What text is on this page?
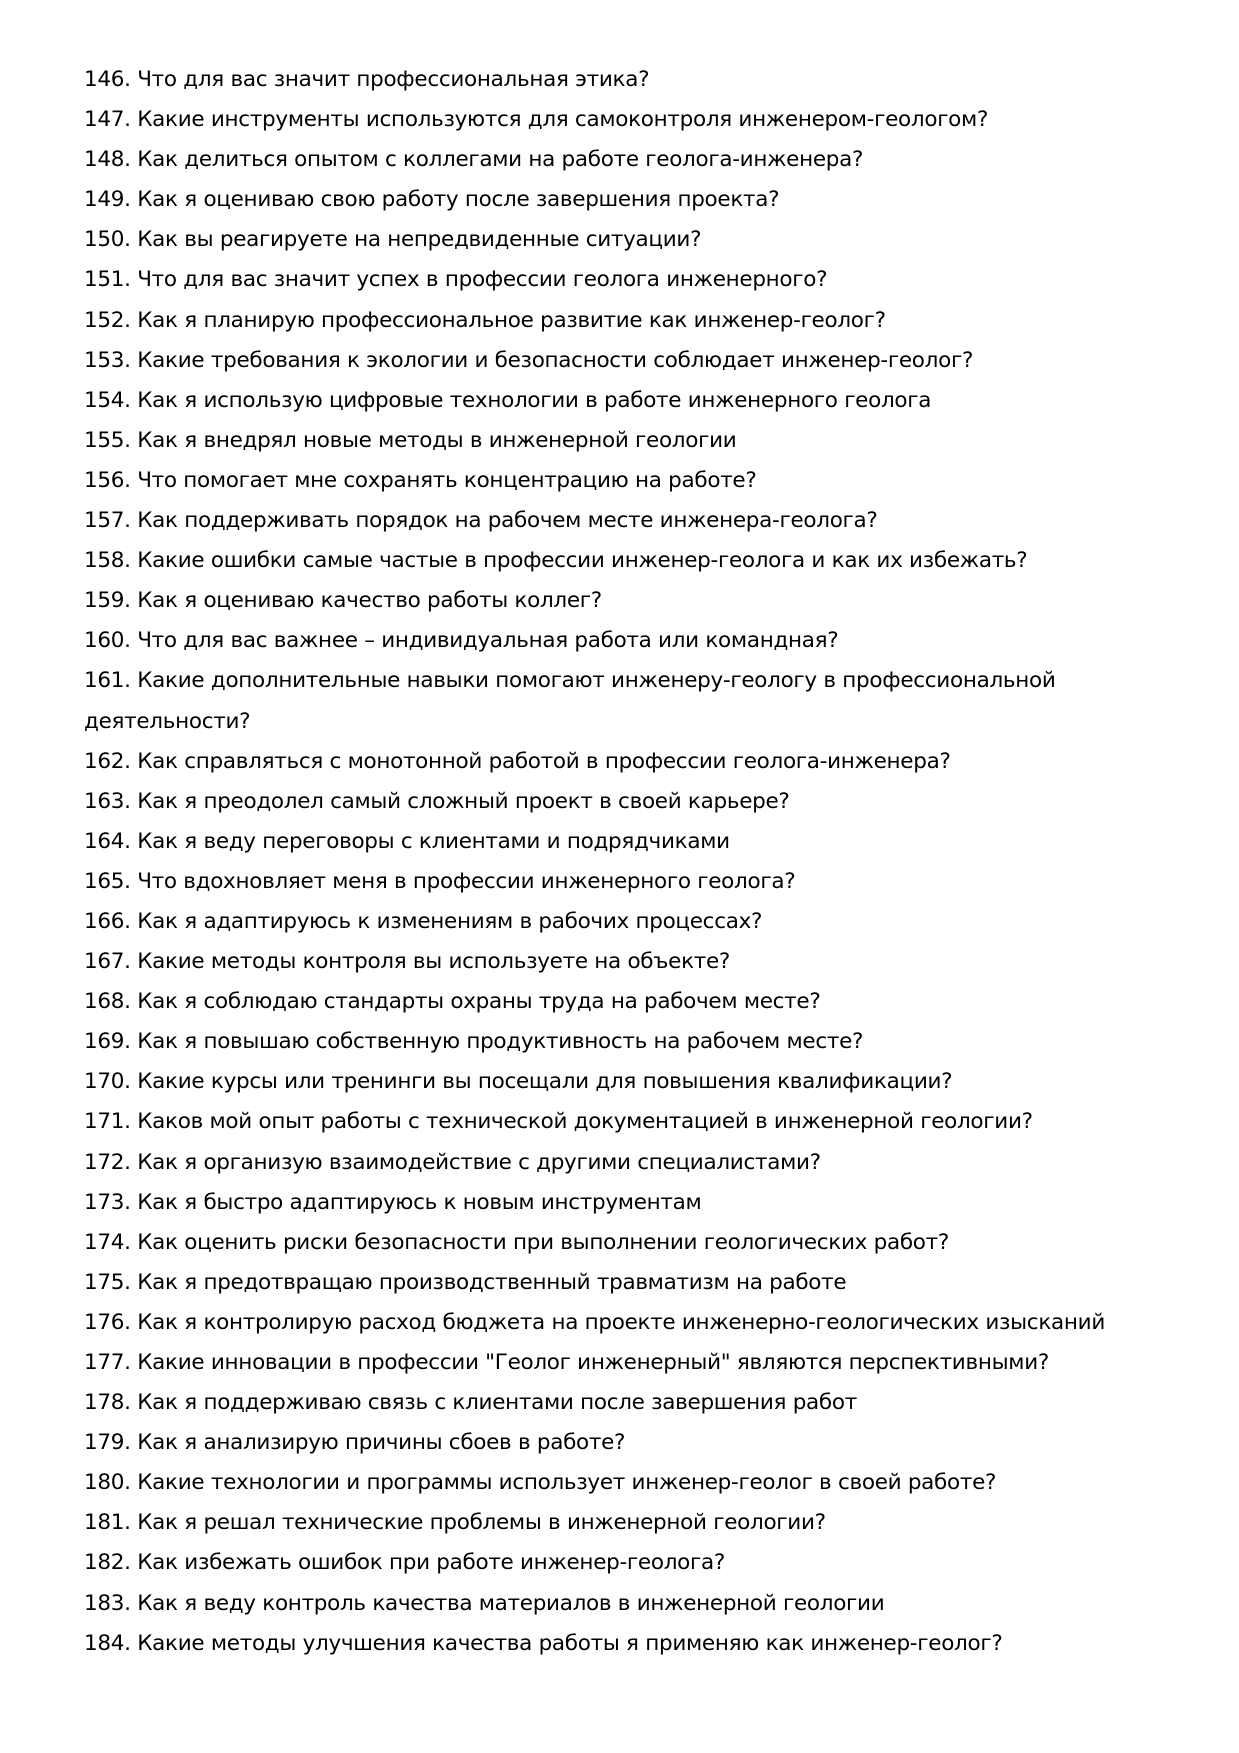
146. Что для вас значит профессиональная этика?
147. Какие инструменты используются для самоконтроля инженером-геологом?
148. Как делиться опытом с коллегами на работе геолога-инженера?
149. Как я оцениваю свою работу после завершения проекта?
150. Как вы реагируете на непредвиденные ситуации?
151. Что для вас значит успех в профессии геолога инженерного?
152. Как я планирую профессиональное развитие как инженер-геолог?
153. Какие требования к экологии и безопасности соблюдает инженер-геолог?
154. Как я использую цифровые технологии в работе инженерного геолога
155. Как я внедрял новые методы в инженерной геологии
156. Что помогает мне сохранять концентрацию на работе?
157. Как поддерживать порядок на рабочем месте инженера-геолога?
158. Какие ошибки самые частые в профессии инженер-геолога и как их избежать?
159. Как я оцениваю качество работы коллег?
160. Что для вас важнее – индивидуальная работа или командная?
161. Какие дополнительные навыки помогают инженеру-геологу в профессиональной деятельности?
162. Как справляться с монотонной работой в профессии геолога-инженера?
163. Как я преодолел самый сложный проект в своей карьере?
164. Как я веду переговоры с клиентами и подрядчиками
165. Что вдохновляет меня в профессии инженерного геолога?
166. Как я адаптируюсь к изменениям в рабочих процессах?
167. Какие методы контроля вы используете на объекте?
168. Как я соблюдаю стандарты охраны труда на рабочем месте?
169. Как я повышаю собственную продуктивность на рабочем месте?
170. Какие курсы или тренинги вы посещали для повышения квалификации?
171. Каков мой опыт работы с технической документацией в инженерной геологии?
172. Как я организую взаимодействие с другими специалистами?
173. Как я быстро адаптируюсь к новым инструментам
174. Как оценить риски безопасности при выполнении геологических работ?
175. Как я предотвращаю производственный травматизм на работе
176. Как я контролирую расход бюджета на проекте инженерно-геологических изысканий
177. Какие инновации в профессии "Геолог инженерный" являются перспективными?
178. Как я поддерживаю связь с клиентами после завершения работ
179. Как я анализирую причины сбоев в работе?
180. Какие технологии и программы использует инженер-геолог в своей работе?
181. Как я решал технические проблемы в инженерной геологии?
182. Как избежать ошибок при работе инженер-геолога?
183. Как я веду контроль качества материалов в инженерной геологии
184. Какие методы улучшения качества работы я применяю как инженер-геолог?
